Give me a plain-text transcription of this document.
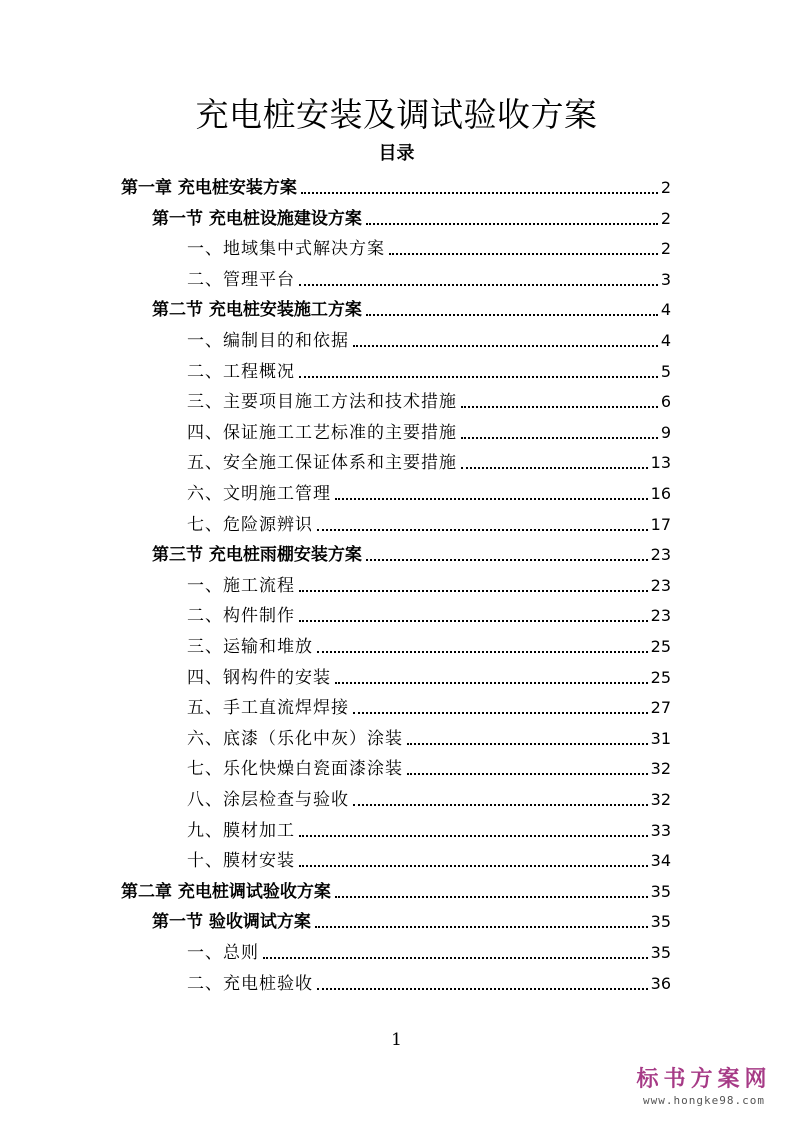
充电桩安装及调试验收方案
目录
第一章 充电桩安装方案	2
第一节 充电桩设施建设方案	2
一、地域集中式解决方案	2
二、管理平台	3
第二节 充电桩安装施工方案	4
一、编制目的和依据	4
二、工程概况	5
三、主要项目施工方法和技术措施	6
四、保证施工工艺标准的主要措施	9
五、安全施工保证体系和主要措施	13
六、文明施工管理	16
七、危险源辨识	17
第三节 充电桩雨棚安装方案	23
一、施工流程	23
二、构件制作	23
三、运输和堆放	25
四、钢构件的安装	25
五、手工直流焊焊接	27
六、底漆（乐化中灰）涂装	31
七、乐化快燥白瓷面漆涂装	32
八、涂层检查与验收	32
九、膜材加工	33
十、膜材安装	34
第二章 充电桩调试验收方案	35
第一节 验收调试方案	35
一、总则	35
二、充电桩验收	36
1
标书方案网
www.hongke98.com
